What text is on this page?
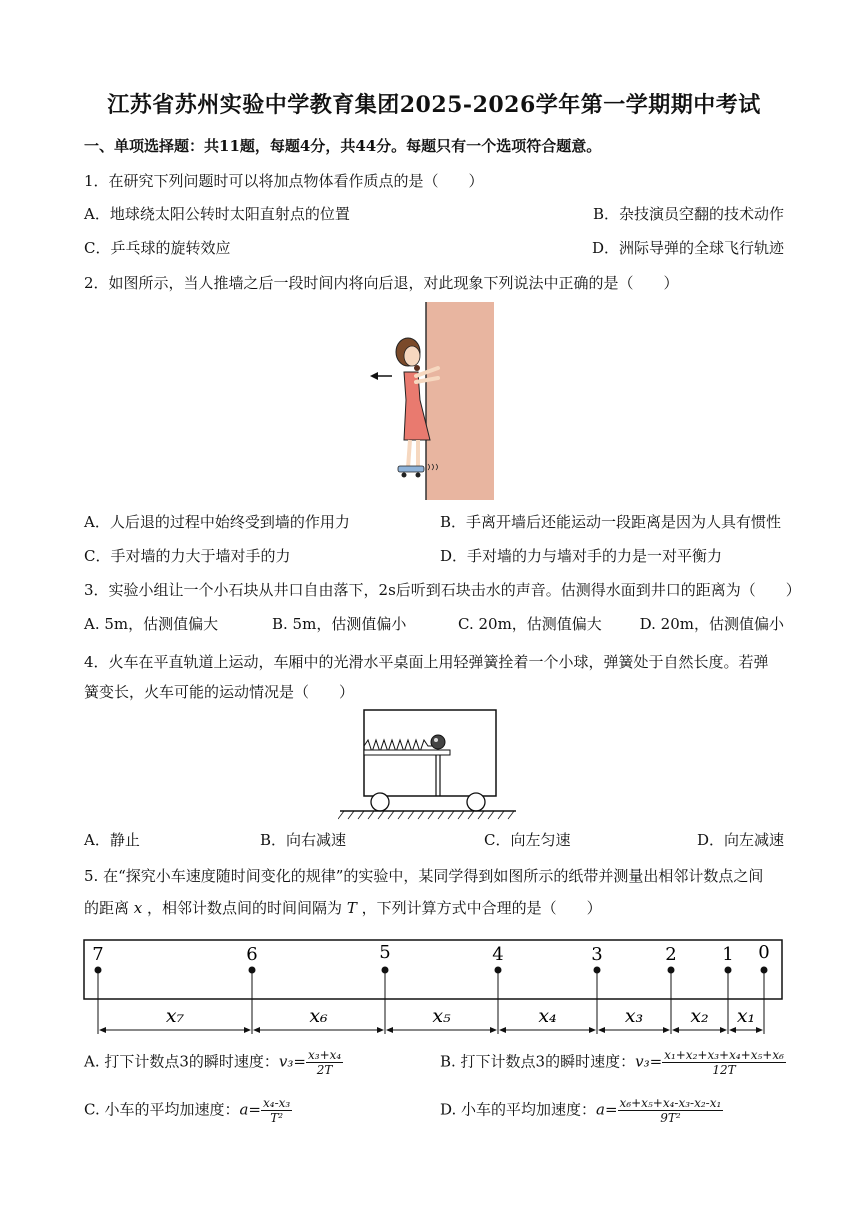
江苏省苏州实验中学教育集团2025-2026学年第一学期期中考试
一、单项选择题：共11题，每题4分，共44分。每题只有一个选项符合题意。
1．在研究下列问题时可以将加点物体看作质点的是（　　）
A．地球绕太阳公转时太阳直射点的位置	B．杂技演员空翻的技术动作
C．乒乓球的旋转效应	D．洲际导弹的全球飞行轨迹
2．如图所示，当人推墙之后一段时间内将向后退，对此现象下列说法中正确的是（　　）
A．人后退的过程中始终受到墙的作用力	B．手离开墙后还能运动一段距离是因为人具有惯性
C．手对墙的力大于墙对手的力	D．手对墙的力与墙对手的力是一对平衡力
3．实验小组让一个小石块从井口自由落下，2s后听到石块击水的声音。估测得水面到井口的距离为（　　）
A. 5m，估测值偏大	B. 5m，估测值偏小	C. 20m，估测值偏大	D. 20m，估测值偏小
4．火车在平直轨道上运动，车厢中的光滑水平桌面上用轻弹簧拴着一个小球，弹簧处于自然长度。若弹
簧变长，火车可能的运动情况是（　　）
A．静止	B．向右减速	C．向左匀速	D．向左减速
5. 在“探究小车速度随时间变化的规律”的实验中，某同学得到如图所示的纸带并测量出相邻计数点之间
的距离 x ，相邻计数点间的时间间隔为 T ，下列计算方式中合理的是（　　）
7	6	5	4	3	2	1 0
x₇	x₆	x₅	x₄	x₃ x₂ x₁
A. 打下计数点3的瞬时速度：$v_3= \frac{\text{x₃+x₄}}{2T}$	B. 打下计数点3的瞬时速度：$v_3= \frac{\text{x₁+x₂+x₃+x₄+x₅+x₆}}{12T}$
C. 小车的平均加速度：$a= \frac{\text{x₄-x₃}}{\text{T²}}$	D. 小车的平均加速度：$a= \frac{\text{x₆+x₅+x₄-x₃-x₂-x₁}}{\text{9T²}}$
